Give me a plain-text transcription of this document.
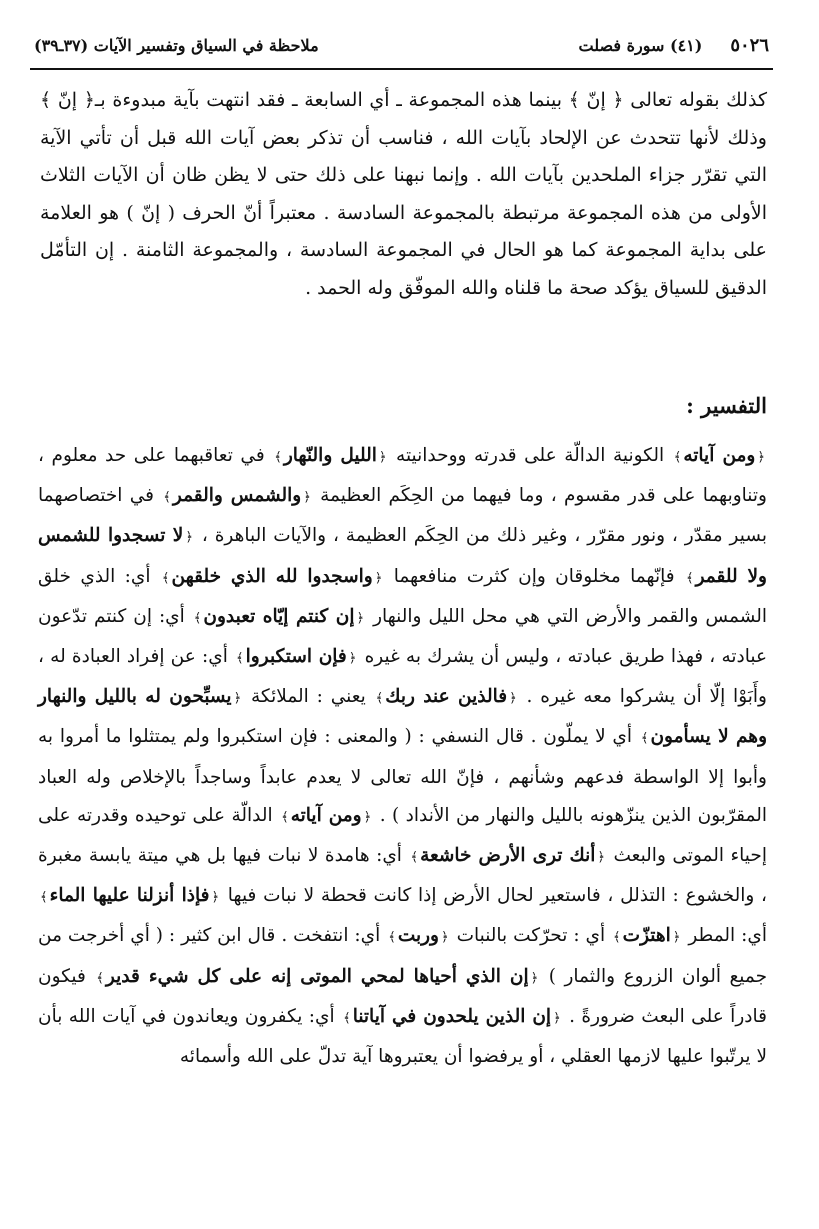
٥٠٢٦
(٤١) سورة فصلت
ملاحظة في السياق وتفسير الآيات (٣٧ـ٣٩)

كذلك بقوله تعالى ﴿ إنّ ﴾ بينما هذه المجموعة ـ أي السابعة ـ فقد انتهت بآية مبدوءة بـ﴿ إنّ ﴾ وذلك لأنها تتحدث عن الإلحاد بآيات الله ، فناسب أن تذكر بعض آيات الله قبل أن تأتي الآية التي تقرّر جزاء الملحدين بآيات الله . وإنما نبهنا على ذلك حتى لا يظن ظان أن الآيات الثلاث الأولى من هذه المجموعة مرتبطة بالمجموعة السادسة . معتبراً أنّ الحرف ( إنّ ) هو العلامة على بداية المجموعة كما هو الحال في المجموعة السادسة ، والمجموعة الثامنة . إن التأمّل الدقيق للسياق يؤكد صحة ما قلناه والله الموفّق وله الحمد .

التفسير :

﴿ومن آياته﴾ الكونية الدالّة على قدرته ووحدانيته ﴿الليل والنّهار﴾ في تعاقبهما على حد معلوم ، وتناوبهما على قدر مقسوم ، وما فيهما من الحِكَم العظيمة ﴿والشمس والقمر﴾ في اختصاصهما بسير مقدّر ، ونور مقرّر ، وغير ذلك من الحِكَم العظيمة ، والآيات الباهرة ، ﴿لا تسجدوا للشمس ولا للقمر﴾ فإنّهما مخلوقان وإن كثرت منافعهما ﴿واسجدوا لله الذي خلقهن﴾ أي: الذي خلق الشمس والقمر والأرض التي هي محل الليل والنهار ﴿إن كنتم إيّاه تعبدون﴾ أي: إن كنتم تدّعون عبادته ، فهذا طريق عبادته ، وليس أن يشرك به غيره ﴿فإن استكبروا﴾ أي: عن إفراد العبادة له ، وأَبَوْا إلّا أن يشركوا معه غيره . ﴿فالذين عند ربك﴾ يعني : الملائكة ﴿يسبِّحون له بالليل والنهار وهم لا يسأمون﴾ أي لا يملّون . قال النسفي : ( والمعنى : فإن استكبروا ولم يمتثلوا ما أمروا به وأبوا إلا الواسطة فدعهم وشأنهم ، فإنّ الله تعالى لا يعدم عابداً وساجداً بالإخلاص وله العباد المقرّبون الذين ينزّهونه بالليل والنهار من الأنداد ) . ﴿ومن آياته﴾ الدالّة على توحيده وقدرته على إحياء الموتى والبعث ﴿أنك ترى الأرض خاشعة﴾ أي: هامدة لا نبات فيها بل هي ميتة يابسة مغبرة ، والخشوع : التذلل ، فاستعير لحال الأرض إذا كانت قحطة لا نبات فيها ﴿فإذا أنزلنا عليها الماء﴾ أي: المطر ﴿اهتزّت﴾ أي : تحرّكت بالنبات ﴿وربت﴾ أي: انتفخت . قال ابن كثير : ( أي أخرجت من جميع ألوان الزروع والثمار ) ﴿إن الذي أحياها لمحي الموتى إنه على كل شيء قدير﴾ فيكون قادراً على البعث ضرورةً . ﴿إن الذين يلحدون في آياتنا﴾ أي: يكفرون ويعاندون في آيات الله بأن لا يرتّبوا عليها لازمها العقلي ، أو يرفضوا أن يعتبروها آية تدلّ على الله وأسمائه
